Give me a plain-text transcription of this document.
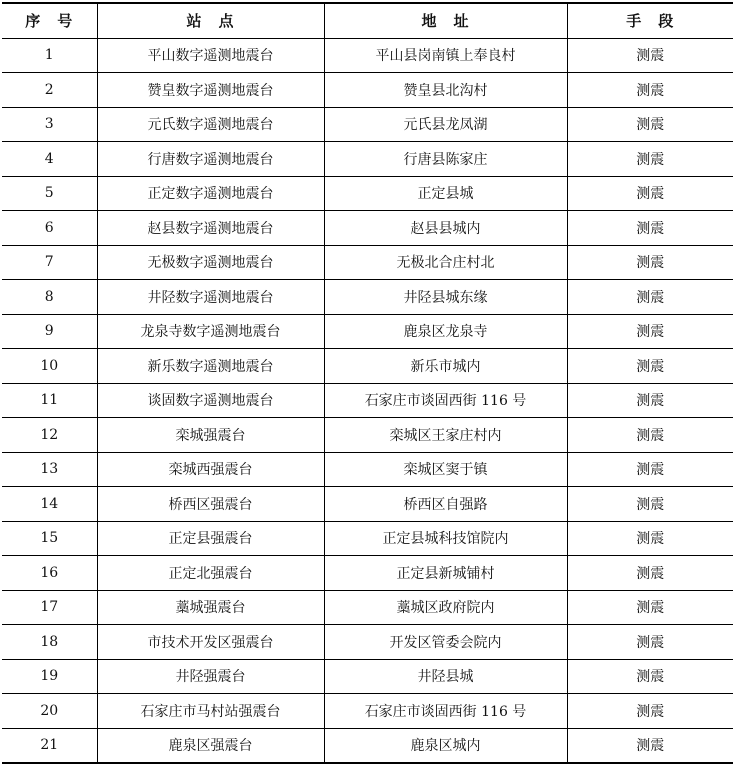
序　号	站　点	地　址	手　段
1	平山数字遥测地震台	平山县岗南镇上奉良村	测震
2	赞皇数字遥测地震台	赞皇县北沟村	测震
3	元氏数字遥测地震台	元氏县龙凤湖	测震
4	行唐数字遥测地震台	行唐县陈家庄	测震
5	正定数字遥测地震台	正定县城	测震
6	赵县数字遥测地震台	赵县县城内	测震
7	无极数字遥测地震台	无极北合庄村北	测震
8	井陉数字遥测地震台	井陉县城东缘	测震
9	龙泉寺数字遥测地震台	鹿泉区龙泉寺	测震
10	新乐数字遥测地震台	新乐市城内	测震
11	谈固数字遥测地震台	石家庄市谈固西街 116 号	测震
12	栾城强震台	栾城区王家庄村内	测震
13	栾城西强震台	栾城区窦于镇	测震
14	桥西区强震台	桥西区自强路	测震
15	正定县强震台	正定县城科技馆院内	测震
16	正定北强震台	正定县新城铺村	测震
17	藁城强震台	藁城区政府院内	测震
18	市技术开发区强震台	开发区管委会院内	测震
19	井陉强震台	井陉县城	测震
20	石家庄市马村站强震台	石家庄市谈固西街 116 号	测震
21	鹿泉区强震台	鹿泉区城内	测震
